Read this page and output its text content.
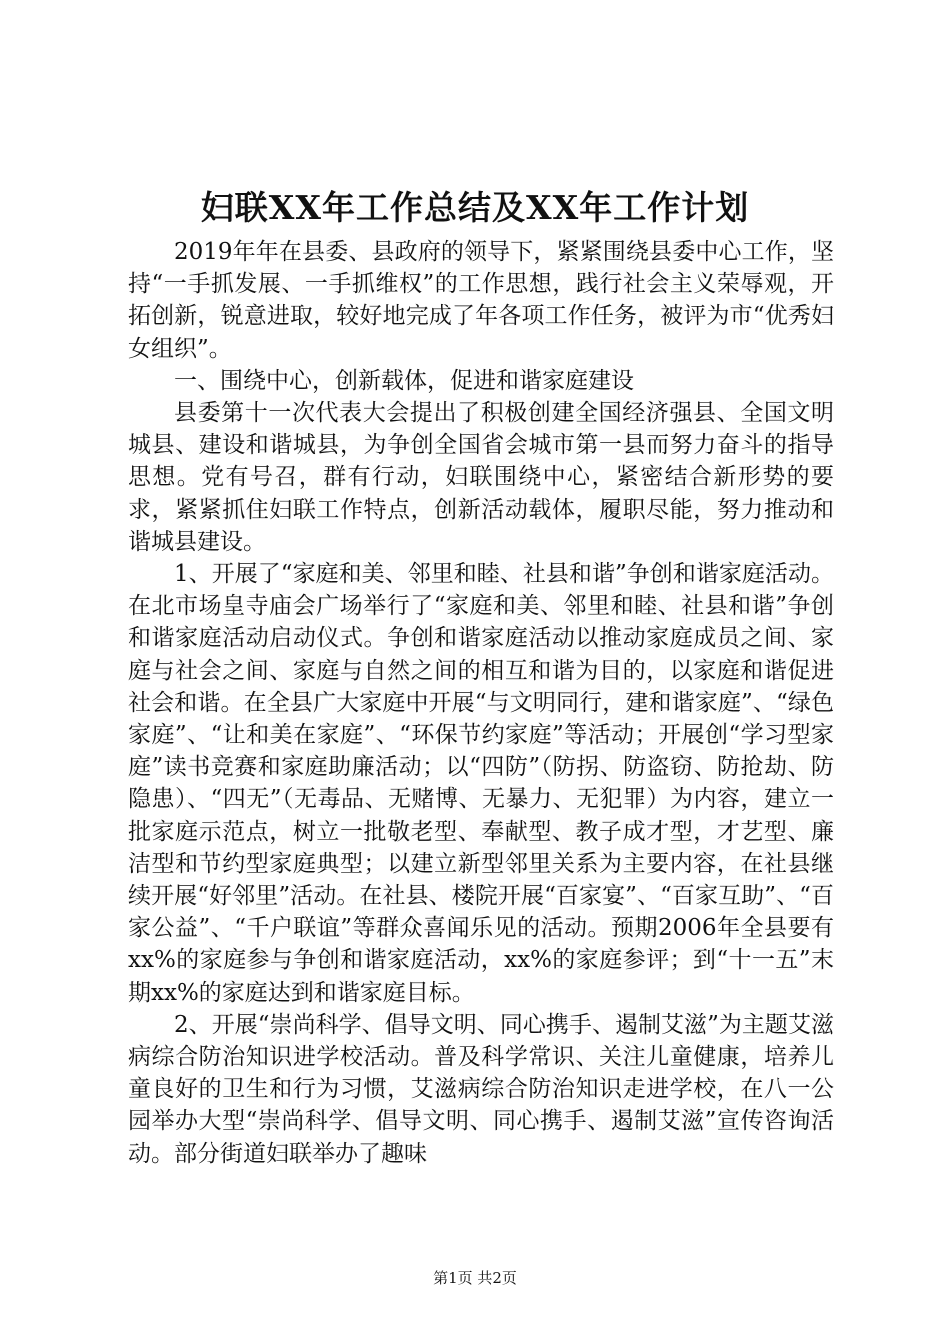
妇联XX年工作总结及XX年工作计划

2019年年在县委、县政府的领导下，紧紧围绕县委中心工作，坚持“一手抓发展、一手抓维权”的工作思想，践行社会主义荣辱观，开拓创新，锐意进取，较好地完成了年各项工作任务，被评为市“优秀妇女组织”。

一、围绕中心，创新载体，促进和谐家庭建设

县委第十一次代表大会提出了积极创建全国经济强县、全国文明城县、建设和谐城县，为争创全国省会城市第一县而努力奋斗的指导思想。党有号召，群有行动，妇联围绕中心，紧密结合新形势的要求，紧紧抓住妇联工作特点，创新活动载体，履职尽能，努力推动和谐城县建设。

1、开展了“家庭和美、邻里和睦、社县和谐”争创和谐家庭活动。在北市场皇寺庙会广场举行了“家庭和美、邻里和睦、社县和谐”争创和谐家庭活动启动仪式。争创和谐家庭活动以推动家庭成员之间、家庭与社会之间、家庭与自然之间的相互和谐为目的，以家庭和谐促进社会和谐。在全县广大家庭中开展“与文明同行，建和谐家庭”、“绿色家庭”、“让和美在家庭”、“环保节约家庭”等活动；开展创“学习型家庭”读书竞赛和家庭助廉活动；以“四防”（防拐、防盗窃、防抢劫、防隐患）、“四无”（无毒品、无赌博、无暴力、无犯罪）为内容，建立一批家庭示范点，树立一批敬老型、奉献型、教子成才型，才艺型、廉洁型和节约型家庭典型；以建立新型邻里关系为主要内容，在社县继续开展“好邻里”活动。在社县、楼院开展“百家宴”、“百家互助”、“百家公益”、“千户联谊”等群众喜闻乐见的活动。预期2006年全县要有xx%的家庭参与争创和谐家庭活动，xx%的家庭参评；到“十一五”末期xx%的家庭达到和谐家庭目标。

2、开展“崇尚科学、倡导文明、同心携手、遏制艾滋”为主题艾滋病综合防治知识进学校活动。普及科学常识、关注儿童健康，培养儿童良好的卫生和行为习惯，艾滋病综合防治知识走进学校，在八一公园举办大型“崇尚科学、倡导文明、同心携手、遏制艾滋”宣传咨询活动。部分街道妇联举办了趣味

第1页 共2页
